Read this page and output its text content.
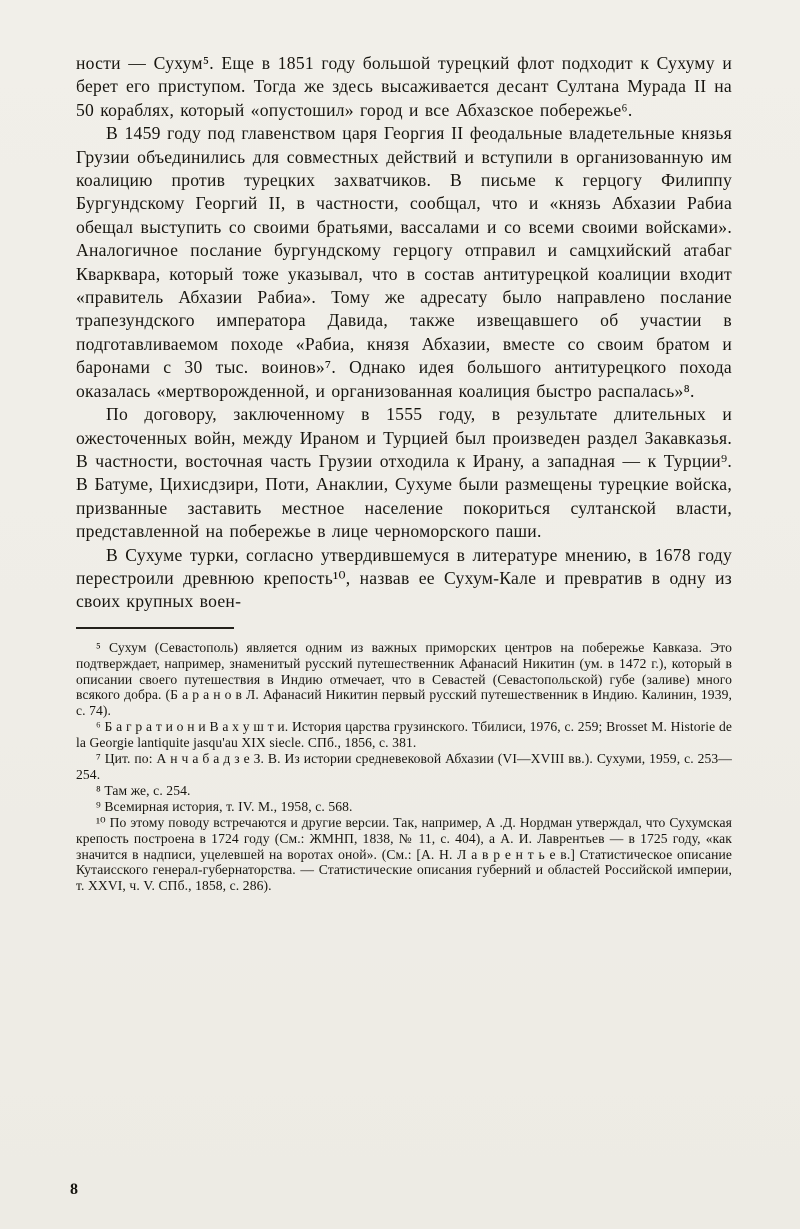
ности — Сухум⁵. Еще в 1851 году большой турецкий флот подходит к Сухуму и берет его приступом. Тогда же здесь высаживается десант Султана Мурада II на 50 кораблях, который «опустошил» город и все Абхазское побережье⁶.

В 1459 году под главенством царя Георгия II феодальные владетельные князья Грузии объединились для совместных действий и вступили в организованную им коалицию против турецких захватчиков. В письме к герцогу Филиппу Бургундскому Георгий II, в частности, сообщал, что и «князь Абхазии Рабиа обещал выступить со своими братьями, вассалами и со всеми своими войсками». Аналогичное послание бургундскому герцогу отправил и самцхийский атабаг Кварквара, который тоже указывал, что в состав антитурецкой коалиции входит «правитель Абхазии Рабиа». Тому же адресату было направлено послание трапезундского императора Давида, также извещавшего об участии в подготавливаемом походе «Рабиа, князя Абхазии, вместе со своим братом и баронами с 30 тыс. воинов»⁷. Однако идея большого антитурецкого похода оказалась «мертворожденной, и организованная коалиция быстро распалась»⁸.

По договору, заключенному в 1555 году, в результате длительных и ожесточенных войн, между Ираном и Турцией был произведен раздел Закавказья. В частности, восточная часть Грузии отходила к Ирану, а западная — к Турции⁹. В Батуме, Цихисдзири, Поти, Анаклии, Сухуме были размещены турецкие войска, призванные заставить местное население покориться султанской власти, представленной на побережье в лице черноморского паши.

В Сухуме турки, согласно утвердившемуся в литературе мнению, в 1678 году перестроили древнюю крепость¹⁰, назвав ее Сухум-Кале и превратив в одну из своих крупных воен-

⁵ Сухум (Севастополь) является одним из важных приморских центров на побережье Кавказа. Это подтверждает, например, знаменитый русский путешественник Афанасий Никитин (ум. в 1472 г.), который в описании своего путешествия в Индию отмечает, что в Севастей (Севастопольской) губе (заливе) много всякого добра. (Б а р а н о в Л. Афанасий Никитин первый русский путешественник в Индию. Калинин, 1939, с. 74).

⁶ Б а г р а т и о н и В а х у ш т и. История царства грузинского. Тбилиси, 1976, с. 259; Brosset M. Historie de la Georgie lantiquite jasqu'au XIX siecle. СПб., 1856, с. 381.

⁷ Цит. по: А н ч а б а д з е З. В. Из истории средневековой Абхазии (VI—XVIII вв.). Сухуми, 1959, с. 253—254.

⁸ Там же, с. 254.

⁹ Всемирная история, т. IV. М., 1958, с. 568.

¹⁰ По этому поводу встречаются и другие версии. Так, например, А .Д. Нордман утверждал, что Сухумская крепость построена в 1724 году (См.: ЖМНП, 1838, № 11, с. 404), а А. И. Лаврентьев — в 1725 году, «как значится в надписи, уцелевшей на воротах оной». (См.: [А. Н. Л а в р е н т ь е в.] Статистическое описание Кутаисского генерал-губернаторства. — Статистические описания губерний и областей Российской империи, т. XXVI, ч. V. СПб., 1858, с. 286).

8
